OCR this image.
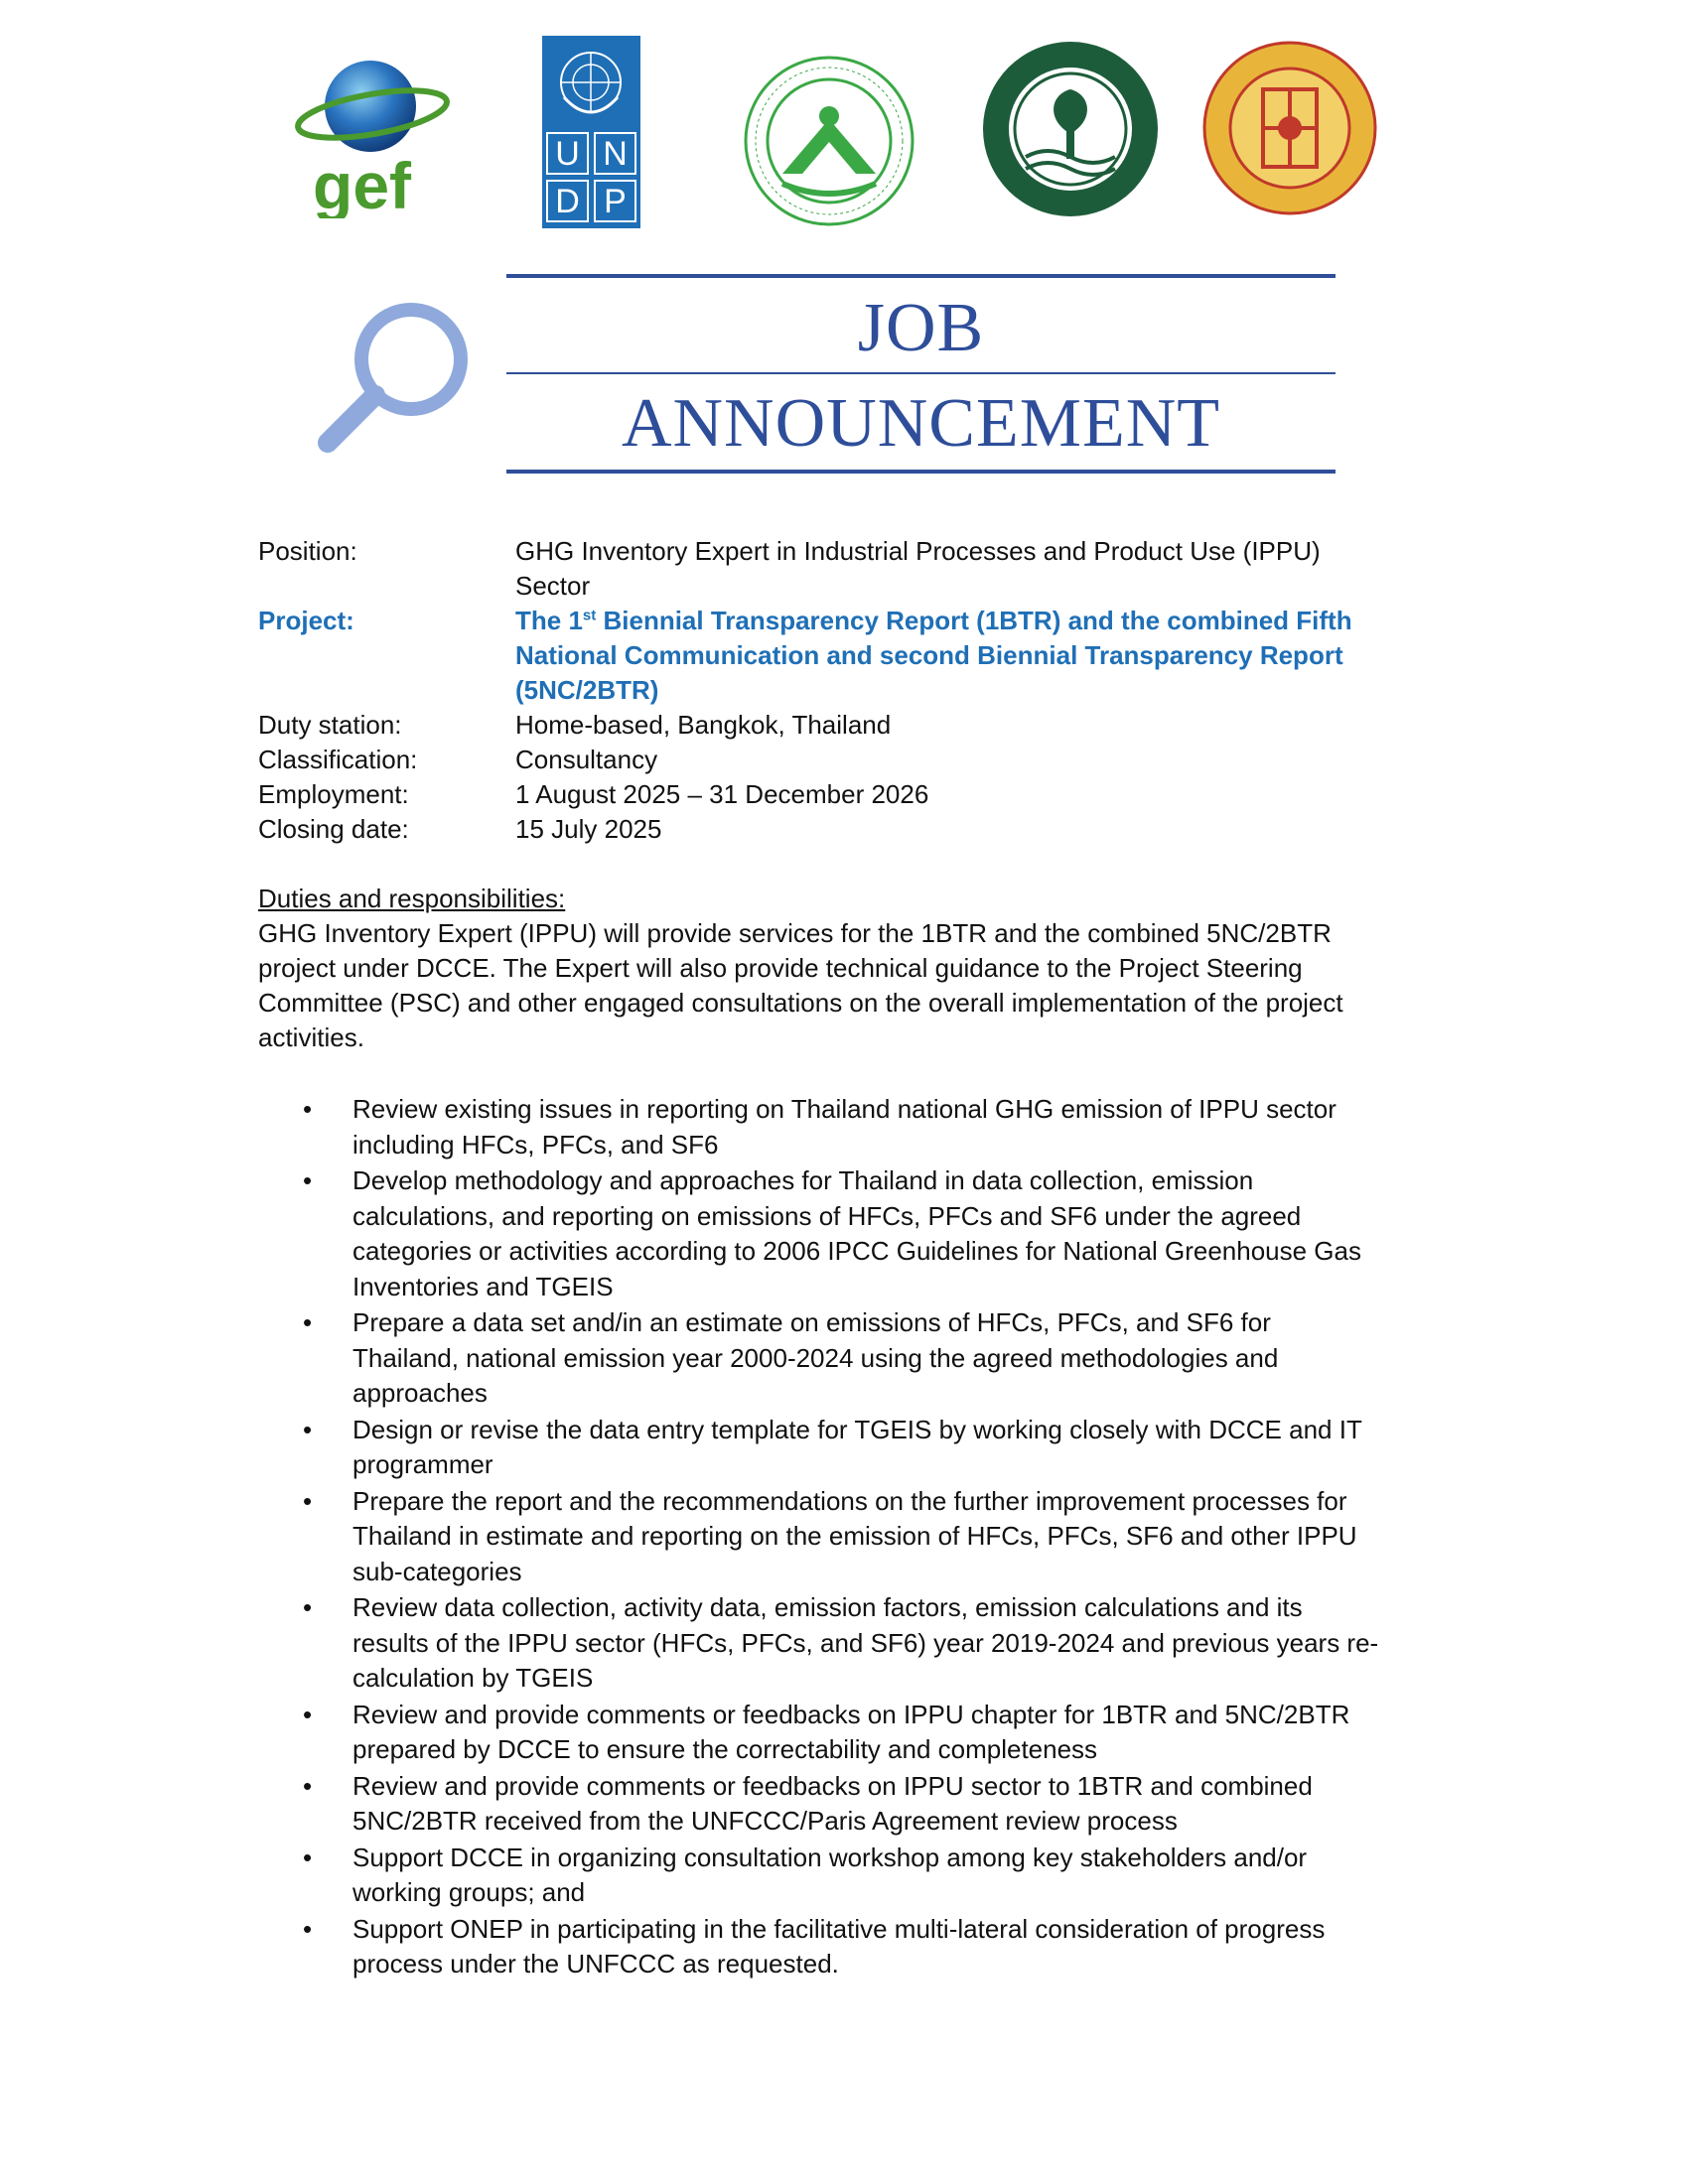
gef	U N
D P
JOB
ANNOUNCEMENT
Position:	GHG Inventory Expert in Industrial Processes and Product Use (IPPU)
Sector
Project:	The 1st Biennial Transparency Report (1BTR) and the combined Fifth
National Communication and second Biennial Transparency Report
(5NC/2BTR)
Duty station:	Home-based, Bangkok, Thailand
Classification:	Consultancy
Employment:	1 August 2025 – 31 December 2026
Closing date:	15 July 2025
Duties and responsibilities:
GHG Inventory Expert (IPPU) will provide services for the 1BTR and the combined 5NC/2BTR
project under DCCE. The Expert will also provide technical guidance to the Project Steering
Committee (PSC) and other engaged consultations on the overall implementation of the project
activities.
• Review existing issues in reporting on Thailand national GHG emission of IPPU sector
including HFCs, PFCs, and SF6
• Develop methodology and approaches for Thailand in data collection, emission
calculations, and reporting on emissions of HFCs, PFCs and SF6 under the agreed
categories or activities according to 2006 IPCC Guidelines for National Greenhouse Gas
Inventories and TGEIS
• Prepare a data set and/in an estimate on emissions of HFCs, PFCs, and SF6 for
Thailand, national emission year 2000-2024 using the agreed methodologies and
approaches
• Design or revise the data entry template for TGEIS by working closely with DCCE and IT
programmer
• Prepare the report and the recommendations on the further improvement processes for
Thailand in estimate and reporting on the emission of HFCs, PFCs, SF6 and other IPPU
sub-categories
• Review data collection, activity data, emission factors, emission calculations and its
results of the IPPU sector (HFCs, PFCs, and SF6) year 2019-2024 and previous years re-
calculation by TGEIS
• Review and provide comments or feedbacks on IPPU chapter for 1BTR and 5NC/2BTR
prepared by DCCE to ensure the correctability and completeness
• Review and provide comments or feedbacks on IPPU sector to 1BTR and combined
5NC/2BTR received from the UNFCCC/Paris Agreement review process
• Support DCCE in organizing consultation workshop among key stakeholders and/or
working groups; and
• Support ONEP in participating in the facilitative multi-lateral consideration of progress
process under the UNFCCC as requested.
